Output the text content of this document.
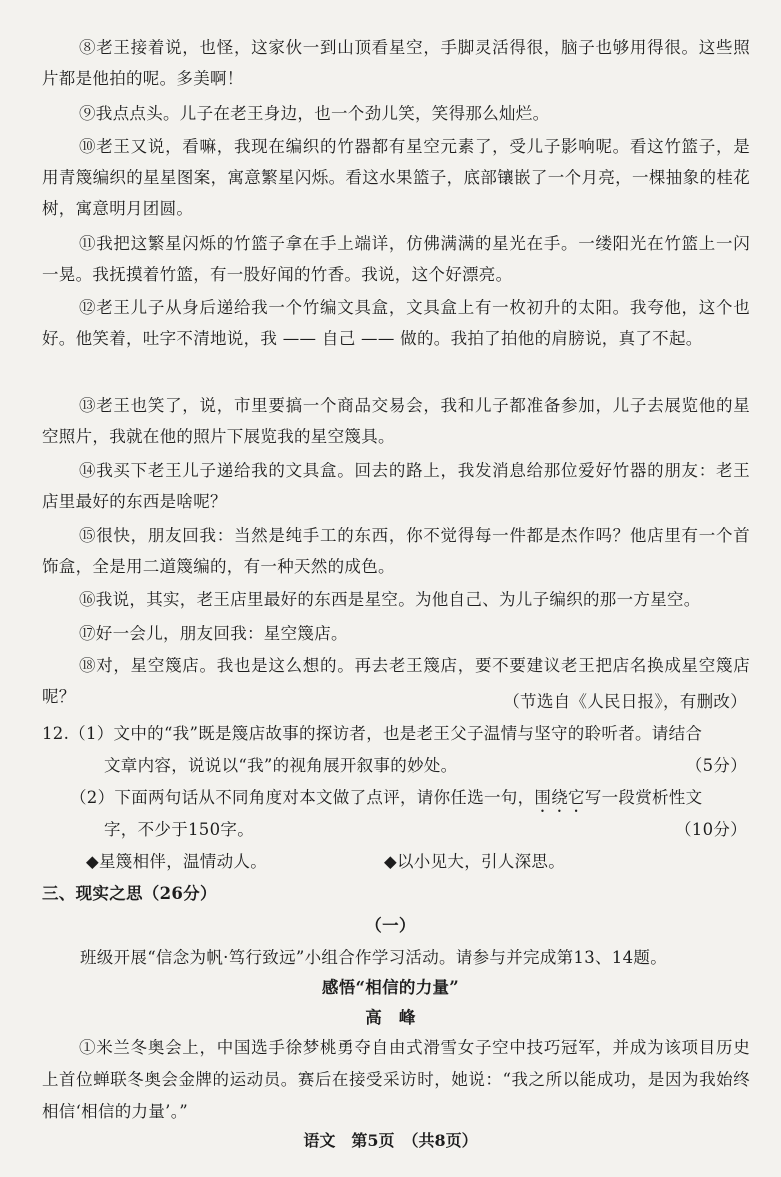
⑧老王接着说，也怪，这家伙一到山顶看星空，手脚灵活得很，脑子也够用得很。这些照片都是他拍的呢。多美啊！

⑨我点点头。儿子在老王身边，也一个劲儿笑，笑得那么灿烂。

⑩老王又说，看嘛，我现在编织的竹器都有星空元素了，受儿子影响呢。看这竹篮子，是用青篾编织的星星图案，寓意繁星闪烁。看这水果篮子，底部镶嵌了一个月亮，一棵抽象的桂花树，寓意明月团圆。

⑪我把这繁星闪烁的竹篮子拿在手上端详，仿佛满满的星光在手。一缕阳光在竹篮上一闪一晃。我抚摸着竹篮，有一股好闻的竹香。我说，这个好漂亮。

⑫老王儿子从身后递给我一个竹编文具盒，文具盒上有一枚初升的太阳。我夸他，这个也好。他笑着，吐字不清地说，我 —— 自己 —— 做的。我拍了拍他的肩膀说，真了不起。

⑬老王也笑了，说，市里要搞一个商品交易会，我和儿子都准备参加，儿子去展览他的星空照片，我就在他的照片下展览我的星空篾具。

⑭我买下老王儿子递给我的文具盒。回去的路上，我发消息给那位爱好竹器的朋友：老王店里最好的东西是啥呢？

⑮很快，朋友回我：当然是纯手工的东西，你不觉得每一件都是杰作吗？他店里有一个首饰盒，全是用二道篾编的，有一种天然的成色。

⑯我说，其实，老王店里最好的东西是星空。为他自己、为儿子编织的那一方星空。

⑰好一会儿，朋友回我：星空篾店。

⑱对，星空篾店。我也是这么想的。再去老王篾店，要不要建议老王把店名换成星空篾店呢？	（节选自《人民日报》，有删改）

12.（1）文中的“我”既是篾店故事的探访者，也是老王父子温情与坚守的聆听者。请结合

文章内容，说说以“我”的视角展开叙事的妙处。	（5分）

（2）下面两句话从不同角度对本文做了点评，请你任选一句，围绕它写一段赏析性文

字，不少于150字。	（10分）

◆星篾相伴，温情动人。	◆以小见大，引人深思。

三、现实之思（26分）

（一）

班级开展“信念为帆·笃行致远”小组合作学习活动。请参与并完成第13、14题。

感悟“相信的力量”

高　峰

①米兰冬奥会上，中国选手徐梦桃勇夺自由式滑雪女子空中技巧冠军，并成为该项目历史上首位蝉联冬奥会金牌的运动员。赛后在接受采访时，她说：“我之所以能成功，是因为我始终相信‘相信的力量’。”

语文　第5页　（共8页）
